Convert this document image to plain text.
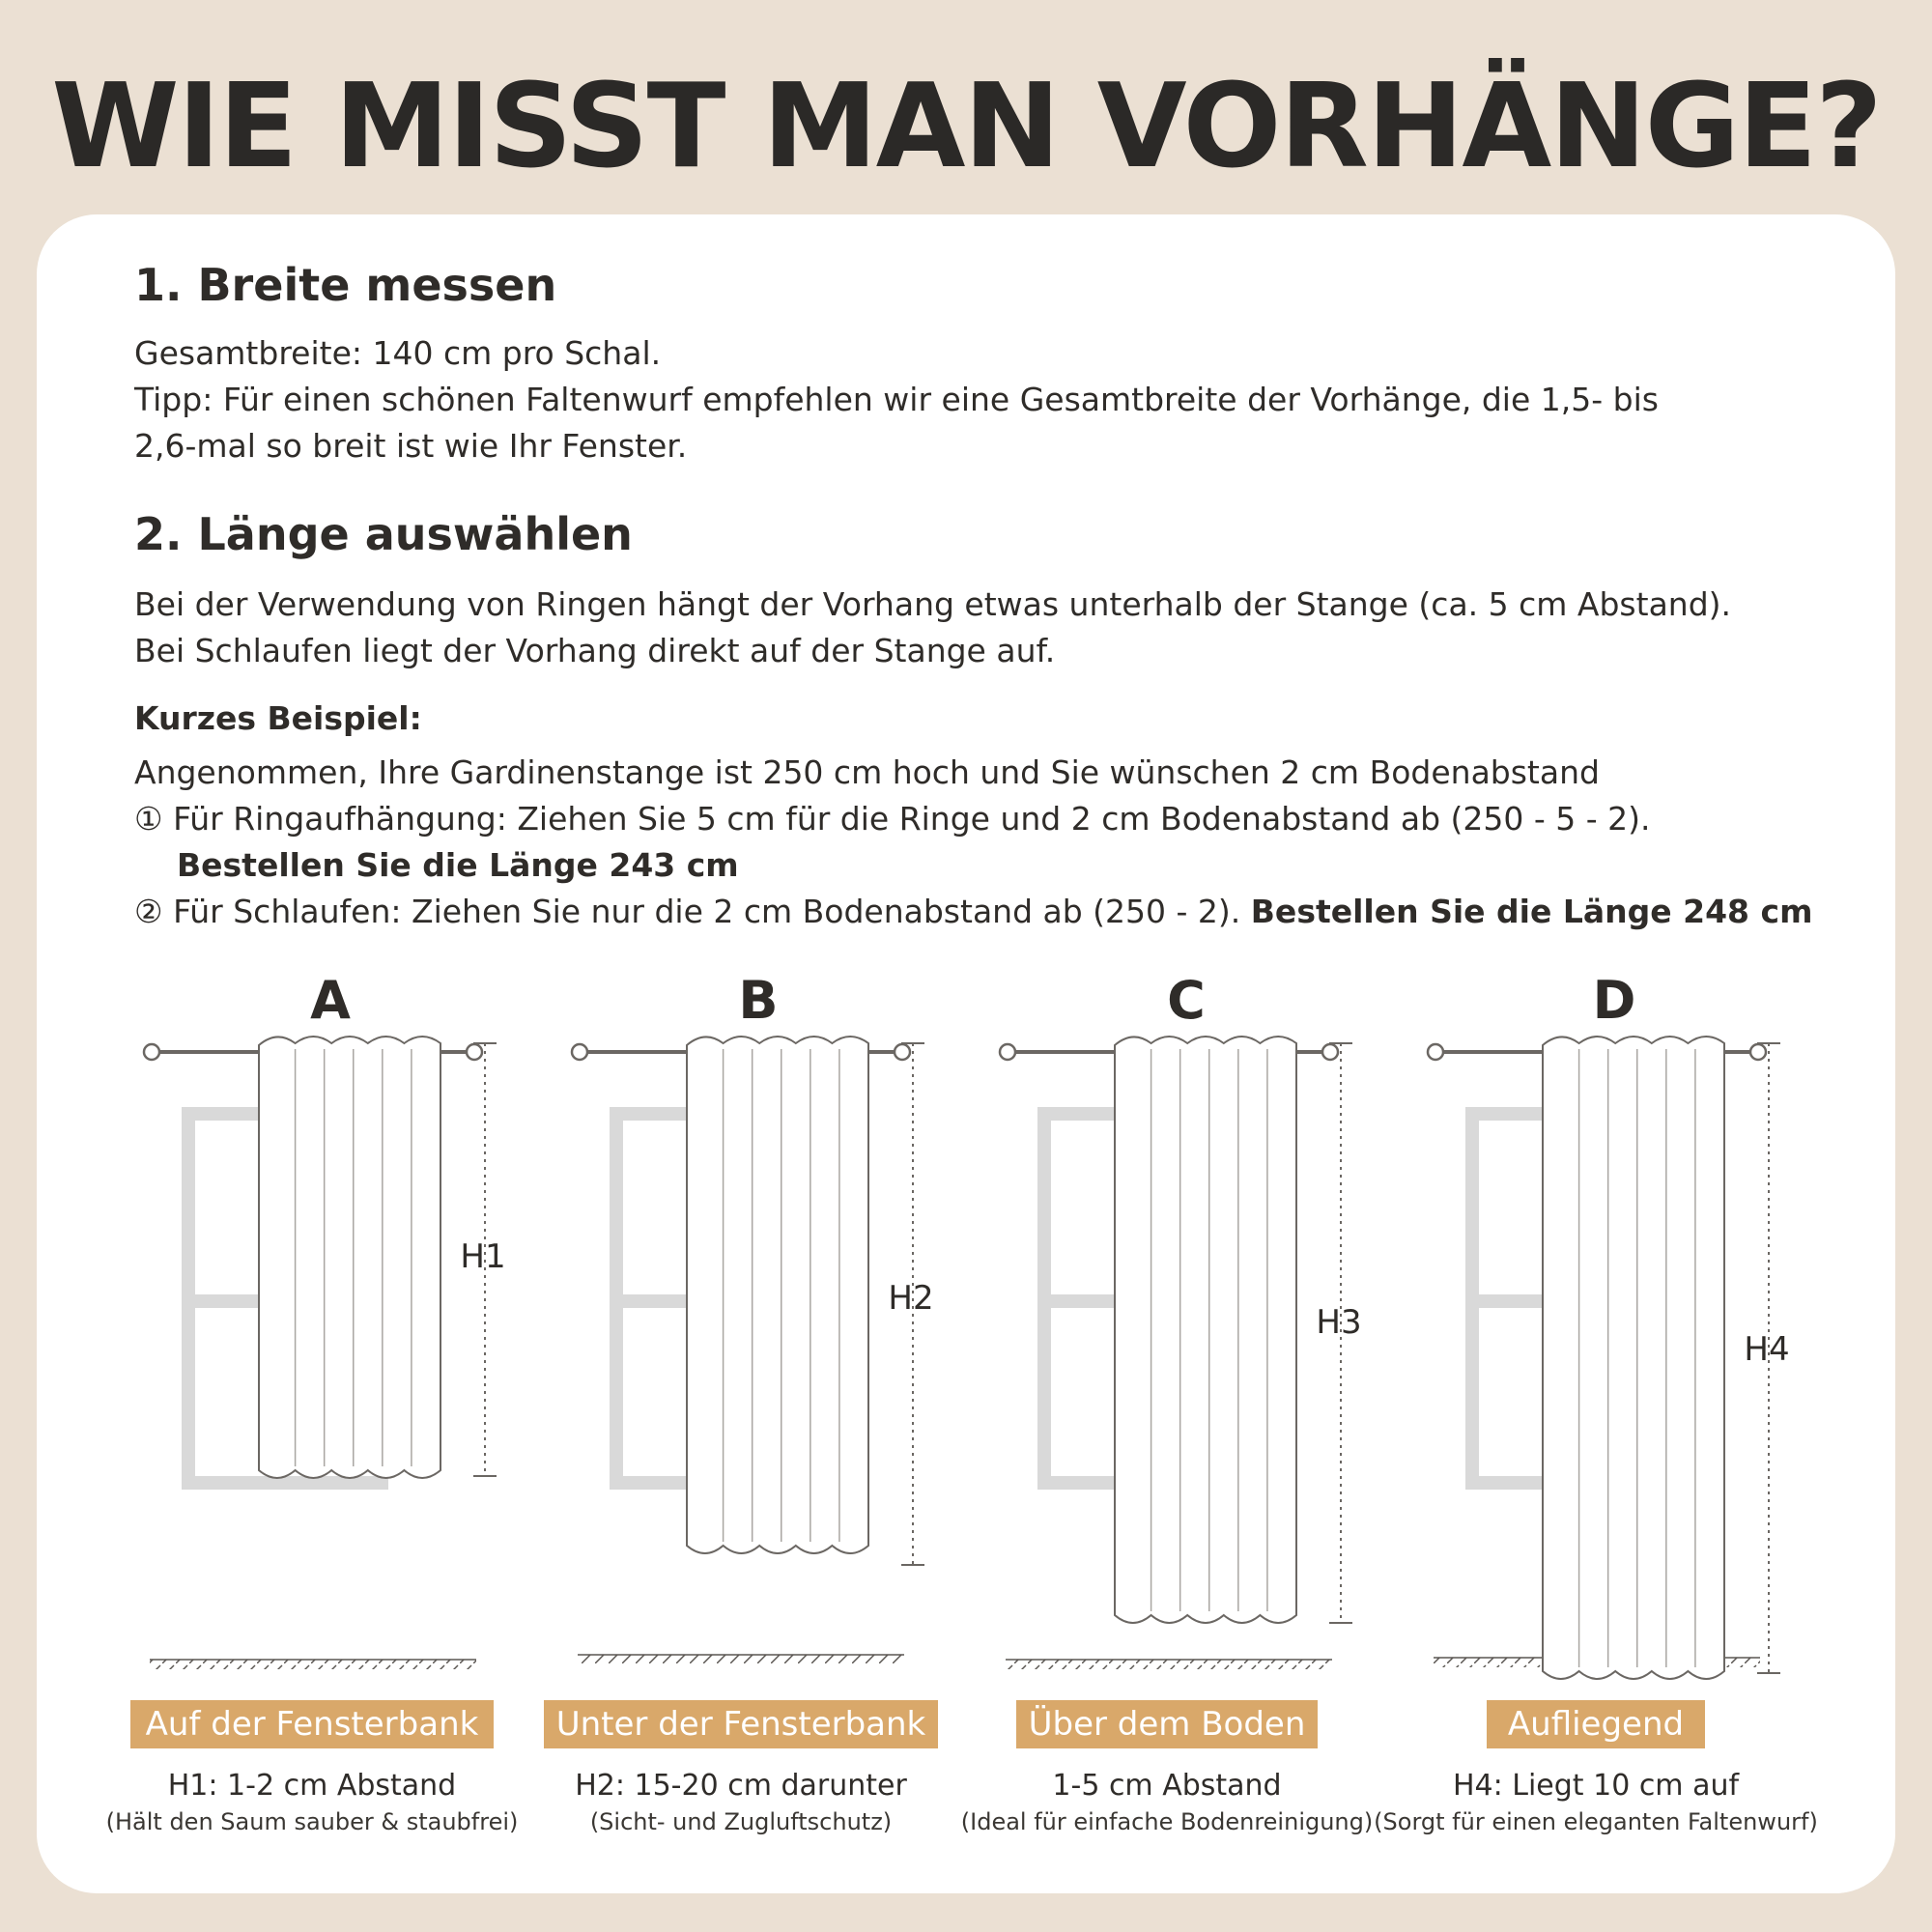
WIE MISST MAN VORHÄNGE?
1. Breite messen
Gesamtbreite: 140 cm pro Schal.
Tipp: Für einen schönen Faltenwurf empfehlen wir eine Gesamtbreite der Vorhänge, die 1,5- bis
2,6-mal so breit ist wie Ihr Fenster.
2. Länge auswählen
Bei der Verwendung von Ringen hängt der Vorhang etwas unterhalb der Stange (ca. 5 cm Abstand).
Bei Schlaufen liegt der Vorhang direkt auf der Stange auf.
Kurzes Beispiel:
Angenommen, Ihre Gardinenstange ist 250 cm hoch und Sie wünschen 2 cm Bodenabstand
① Für Ringaufhängung: Ziehen Sie 5 cm für die Ringe und 2 cm Bodenabstand ab (250 - 5 - 2).
Bestellen Sie die Länge 243 cm
② Für Schlaufen: Ziehen Sie nur die 2 cm Bodenabstand ab (250 - 2). Bestellen Sie die Länge 248 cm
A
H1
Auf der Fensterbank
H1: 1-2 cm Abstand
(Hält den Saum sauber & staubfrei)
B
H2
Unter der Fensterbank
H2: 15-20 cm darunter
(Sicht- und Zugluftschutz)
C
H3
Über dem Boden
1-5 cm Abstand
(Ideal für einfache Bodenreinigung)
D
H4
Aufliegend
H4: Liegt 10 cm auf
(Sorgt für einen eleganten Faltenwurf)
